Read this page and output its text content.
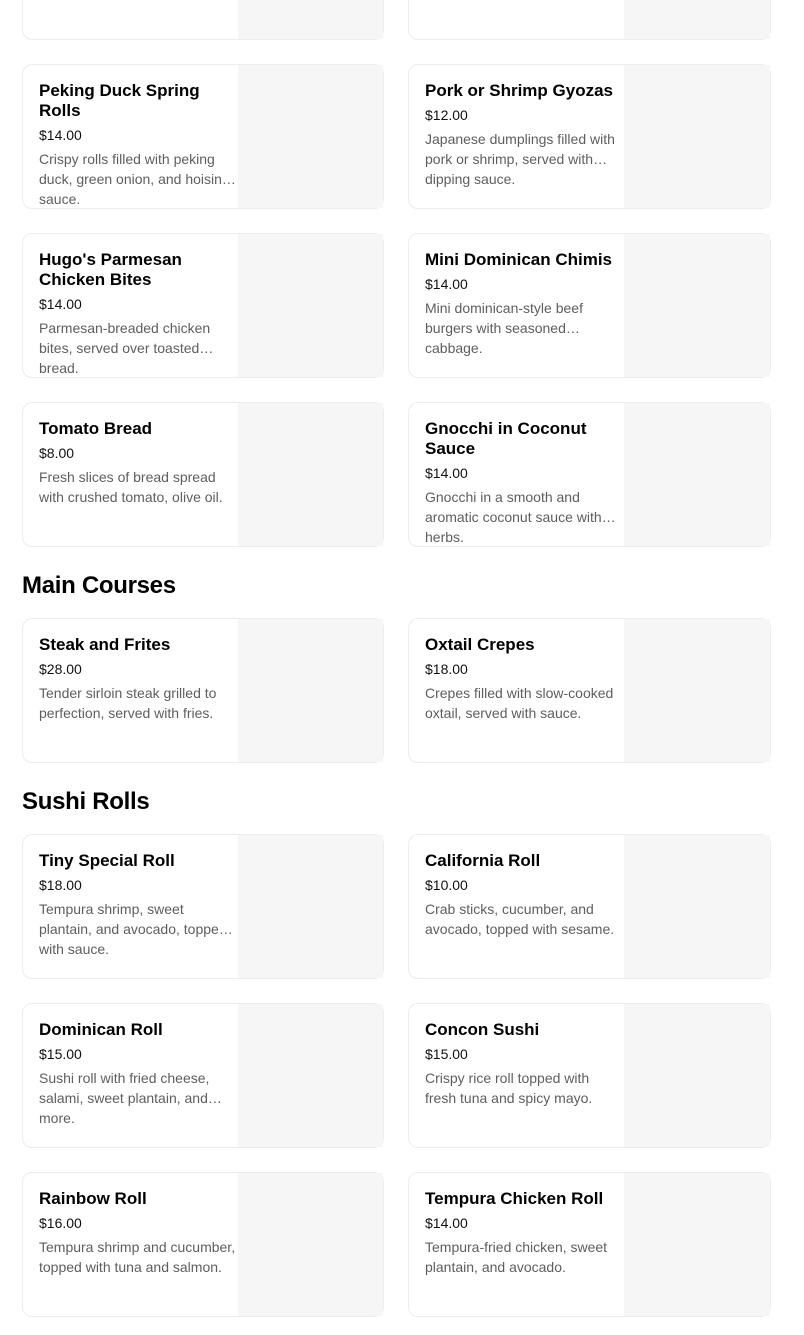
Peking Duck Spring Rolls
$14.00
Crispy rolls filled with peking duck, green onion, and hoisin sauce.
Pork or Shrimp Gyozas
$12.00
Japanese dumplings filled with pork or shrimp, served with dipping sauce.
Hugo's Parmesan Chicken Bites
$14.00
Parmesan-breaded chicken bites, served over toasted bread.
Mini Dominican Chimis
$14.00
Mini dominican-style beef burgers with seasoned cabbage.
Tomato Bread
$8.00
Fresh slices of bread spread with crushed tomato, olive oil.
Gnocchi in Coconut Sauce
$14.00
Gnocchi in a smooth and aromatic coconut sauce with herbs.
Main Courses
Steak and Frites
$28.00
Tender sirloin steak grilled to perfection, served with fries.
Oxtail Crepes
$18.00
Crepes filled with slow-cooked oxtail, served with sauce.
Sushi Rolls
Tiny Special Roll
$18.00
Tempura shrimp, sweet plantain, and avocado, topped with sauce.
California Roll
$10.00
Crab sticks, cucumber, and avocado, topped with sesame.
Dominican Roll
$15.00
Sushi roll with fried cheese, salami, sweet plantain, and more.
Concon Sushi
$15.00
Crispy rice roll topped with fresh tuna and spicy mayo.
Rainbow Roll
$16.00
Tempura shrimp and cucumber, topped with tuna and salmon.
Tempura Chicken Roll
$14.00
Tempura-fried chicken, sweet plantain, and avocado.
